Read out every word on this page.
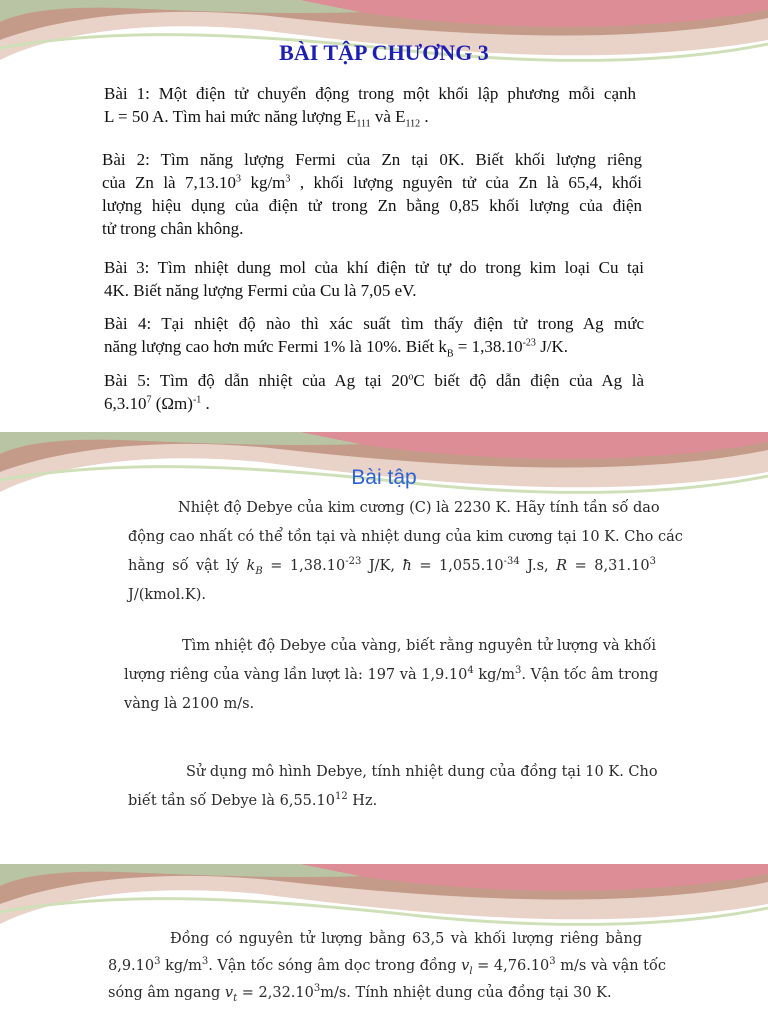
BÀI TẬP CHƯƠNG 3
Bài 1: Một điện tử chuyển động trong một khối lập phương mỗi cạnh
L = 50 A. Tìm hai mức năng lượng $E_{111}$ và $E_{112}$ .
Bài 2: Tìm năng lượng Fermi của Zn tại 0K. Biết khối lượng riêng
của Zn là 7,13.10$^3$ $kg/m^3$ , khối lượng nguyên tử của Zn là 65,4, khối
lượng hiệu dụng của điện tử trong Zn bằng 0,85 khối lượng của điện
tử trong chân không.
Bài 3: Tìm nhiệt dung mol của khí điện tử tự do trong kim loại Cu tại
4K. Biết năng lượng Fermi của Cu là 7,05 eV.
Bài 4: Tại nhiệt độ nào thì xác suất tìm thấy điện tử trong Ag mức
năng lượng cao hơn mức Fermi 1% là 10%. Biết $k_B = 1,38.10^{-23}$ J/K.
Bài 5: Tìm độ dẫn nhiệt của Ag tại 20$^o$C biết độ dẫn điện của Ag là
6,3.10$^7$ $(\Omega m)^{-1}$ .
Bài tập
Nhiệt độ Debye của kim cương (C) là 2230 K. Hãy tính tần số dao
động cao nhất có thể tồn tại và nhiệt dung của kim cương tại 10 K. Cho các
hằng số vật lý $k_B = 1,38.10^{-23}$ J/K, ħ = $1,055.10^{-34}$ J.s, $R = 8,31.10^3$
J/(kmol.K).
Tìm nhiệt độ Debye của vàng, biết rằng nguyên tử lượng và khối
lượng riêng của vàng lần lượt là: 197 và 1,9.10$^4$ $kg/m^3$. Vận tốc âm trong
vàng là 2100 m/s.
Sử dụng mô hình Debye, tính nhiệt dung của đồng tại 10 K. Cho
biết tần số Debye là 6,55.10$^{12}$ Hz.
Đồng có nguyên tử lượng bằng 63,5 và khối lượng riêng bằng
8,9.10$^3$ $kg/m^3$. Vận tốc sóng âm dọc trong đồng $v_l = 4,76.10^3$ m/s và vận tốc
sóng âm ngang $v_t = 2,32.10^3m/s$. Tính nhiệt dung của đồng tại 30 K.
